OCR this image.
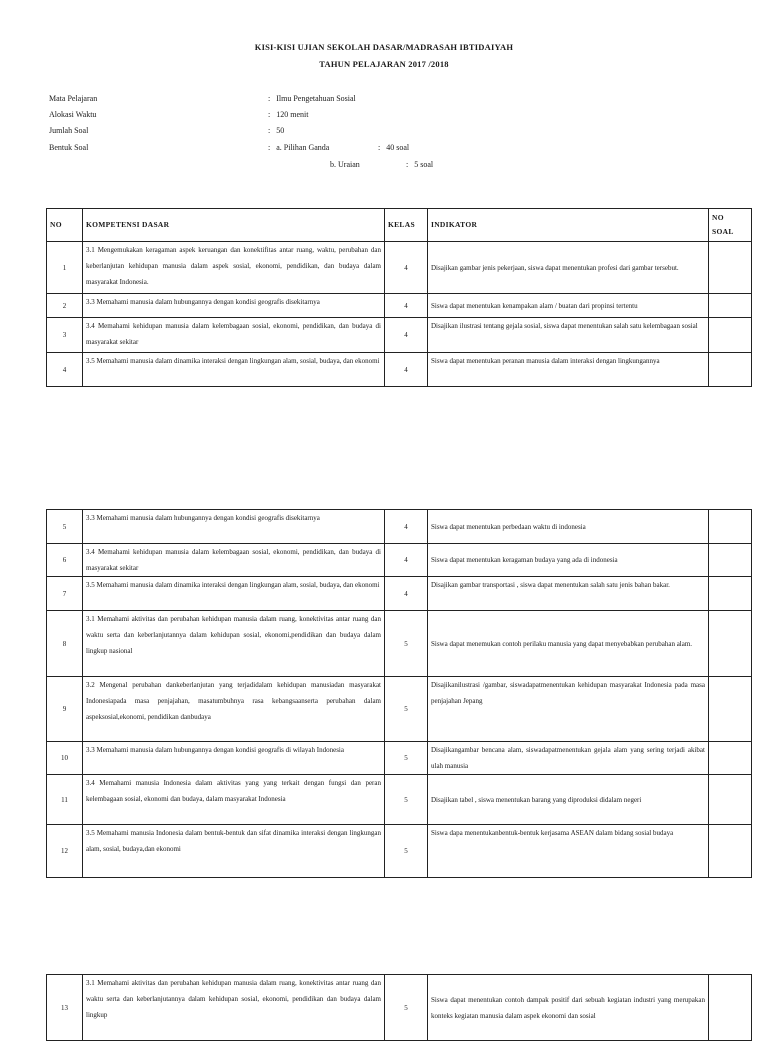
KISI-KISI UJIAN SEKOLAH DASAR/MADRASAH IBTIDAIYAH
TAHUN PELAJARAN 2017 /2018
Mata Pelajaran	: Ilmu Pengetahuan Sosial
Alokasi Waktu	: 120 menit
Jumlah Soal	: 50
Bentuk Soal	: a. Pilihan Ganda	: 40 soal
b. Uraian	: 5 soal
NO	KOMPETENSI DASAR	KELAS	INDIKATOR	NO
SOAL
1	3.1 Mengemukakan keragaman aspek keruangan dan konektifitas antar ruang, waktu, perubahan dan keberlanjutan kehidupan manusia dalam aspek sosial, ekonomi, pendidikan, dan budaya dalam masyarakat Indonesia.	4	Disajikan gambar jenis pekerjaan, siswa dapat menentukan profesi dari gambar tersebut.	
2	3.3 Memahami manusia dalam hubungannya dengan kondisi geografis disekitarnya	4	Siswa dapat menentukan kenampakan alam / buatan dari propinsi tertentu	
3	3.4 Memahami kehidupan manusia dalam kelembagaan sosial, ekonomi, pendidikan, dan budaya di masyarakat sekitar	4	Disajikan ilustrasi tentang gejala sosial, siswa dapat menentukan salah satu kelembagaan sosial	
4	3.5 Memahami manusia dalam dinamika interaksi dengan lingkungan alam, sosial, budaya, dan ekonomi	4	Siswa dapat menentukan peranan manusia dalam interaksi dengan lingkungannya	
5	3.3 Memahami manusia dalam hubungannya dengan kondisi geografis disekitarnya	4	Siswa dapat menentukan perbedaan waktu di indonesia	
6	3.4 Memahami kehidupan manusia dalam kelembagaan sosial, ekonomi, pendidikan, dan budaya di masyarakat sekitar	4	Siswa dapat menentukan keragaman budaya yang ada di indonesia	
7	3.5 Memahami manusia dalam dinamika interaksi dengan lingkungan alam, sosial, budaya, dan ekonomi	4	Disajikan gambar transportasi , siswa dapat menentukan salah satu jenis bahan bakar.	
8	3.1 Memahami aktivitas dan perubahan kehidupan manusia dalam ruang, konektivitas antar ruang dan waktu serta dan keberlanjutannya dalam kehidupan sosial, ekonomi,pendidikan dan budaya dalam lingkup nasional	5	Siswa dapat menemukan contoh perilaku manusia yang dapat menyebabkan perubahan alam.	
9	3.2 Mengenal perubahan dankeberlanjutan yang terjadidalam kehidupan manusiadan masyarakat Indonesiapada masa penjajahan, masatumbuhnya rasa kebangsaanserta perubahan dalam aspeksosial,ekonomi, pendidikan danbudaya	5	Disajikanilustrasi /gambar, siswadapatmenentukan kehidupan masyarakat Indonesia pada masa penjajahan Jepang	
10	3.3 Memahami manusia dalam hubungannya dengan kondisi geografis di wilayah Indonesia	5	Disajikangambar bencana alam, siswadapatmenentukan gejala alam yang sering terjadi akibat ulah manusia	
11	3.4 Memahami manusia Indonesia dalam aktivitas yang yang terkait dengan fungsi dan peran kelembagaan sosial, ekonomi dan budaya, dalam masyarakat Indonesia	5	Disajikan tabel , siswa menentukan barang yang diproduksi didalam negeri	
12	3.5 Memahami manusia Indonesia dalam bentuk-bentuk dan sifat dinamika interaksi dengan lingkungan alam, sosial, budaya,dan ekonomi	5	Siswa dapa menentukanbentuk-bentuk kerjasama ASEAN dalam bidang sosial budaya	
13	3.1 Memahami aktivitas dan perubahan kehidupan manusia dalam ruang, konektivitas antar ruang dan waktu serta dan keberlanjutannya dalam kehidupan sosial, ekonomi, pendidikan dan budaya dalam lingkup	5	Siswa dapat menentukan contoh dampak positif dari sebuah kegiatan industri yang merupakan konteks kegiatan manusia dalam aspek ekonomi dan sosial	
